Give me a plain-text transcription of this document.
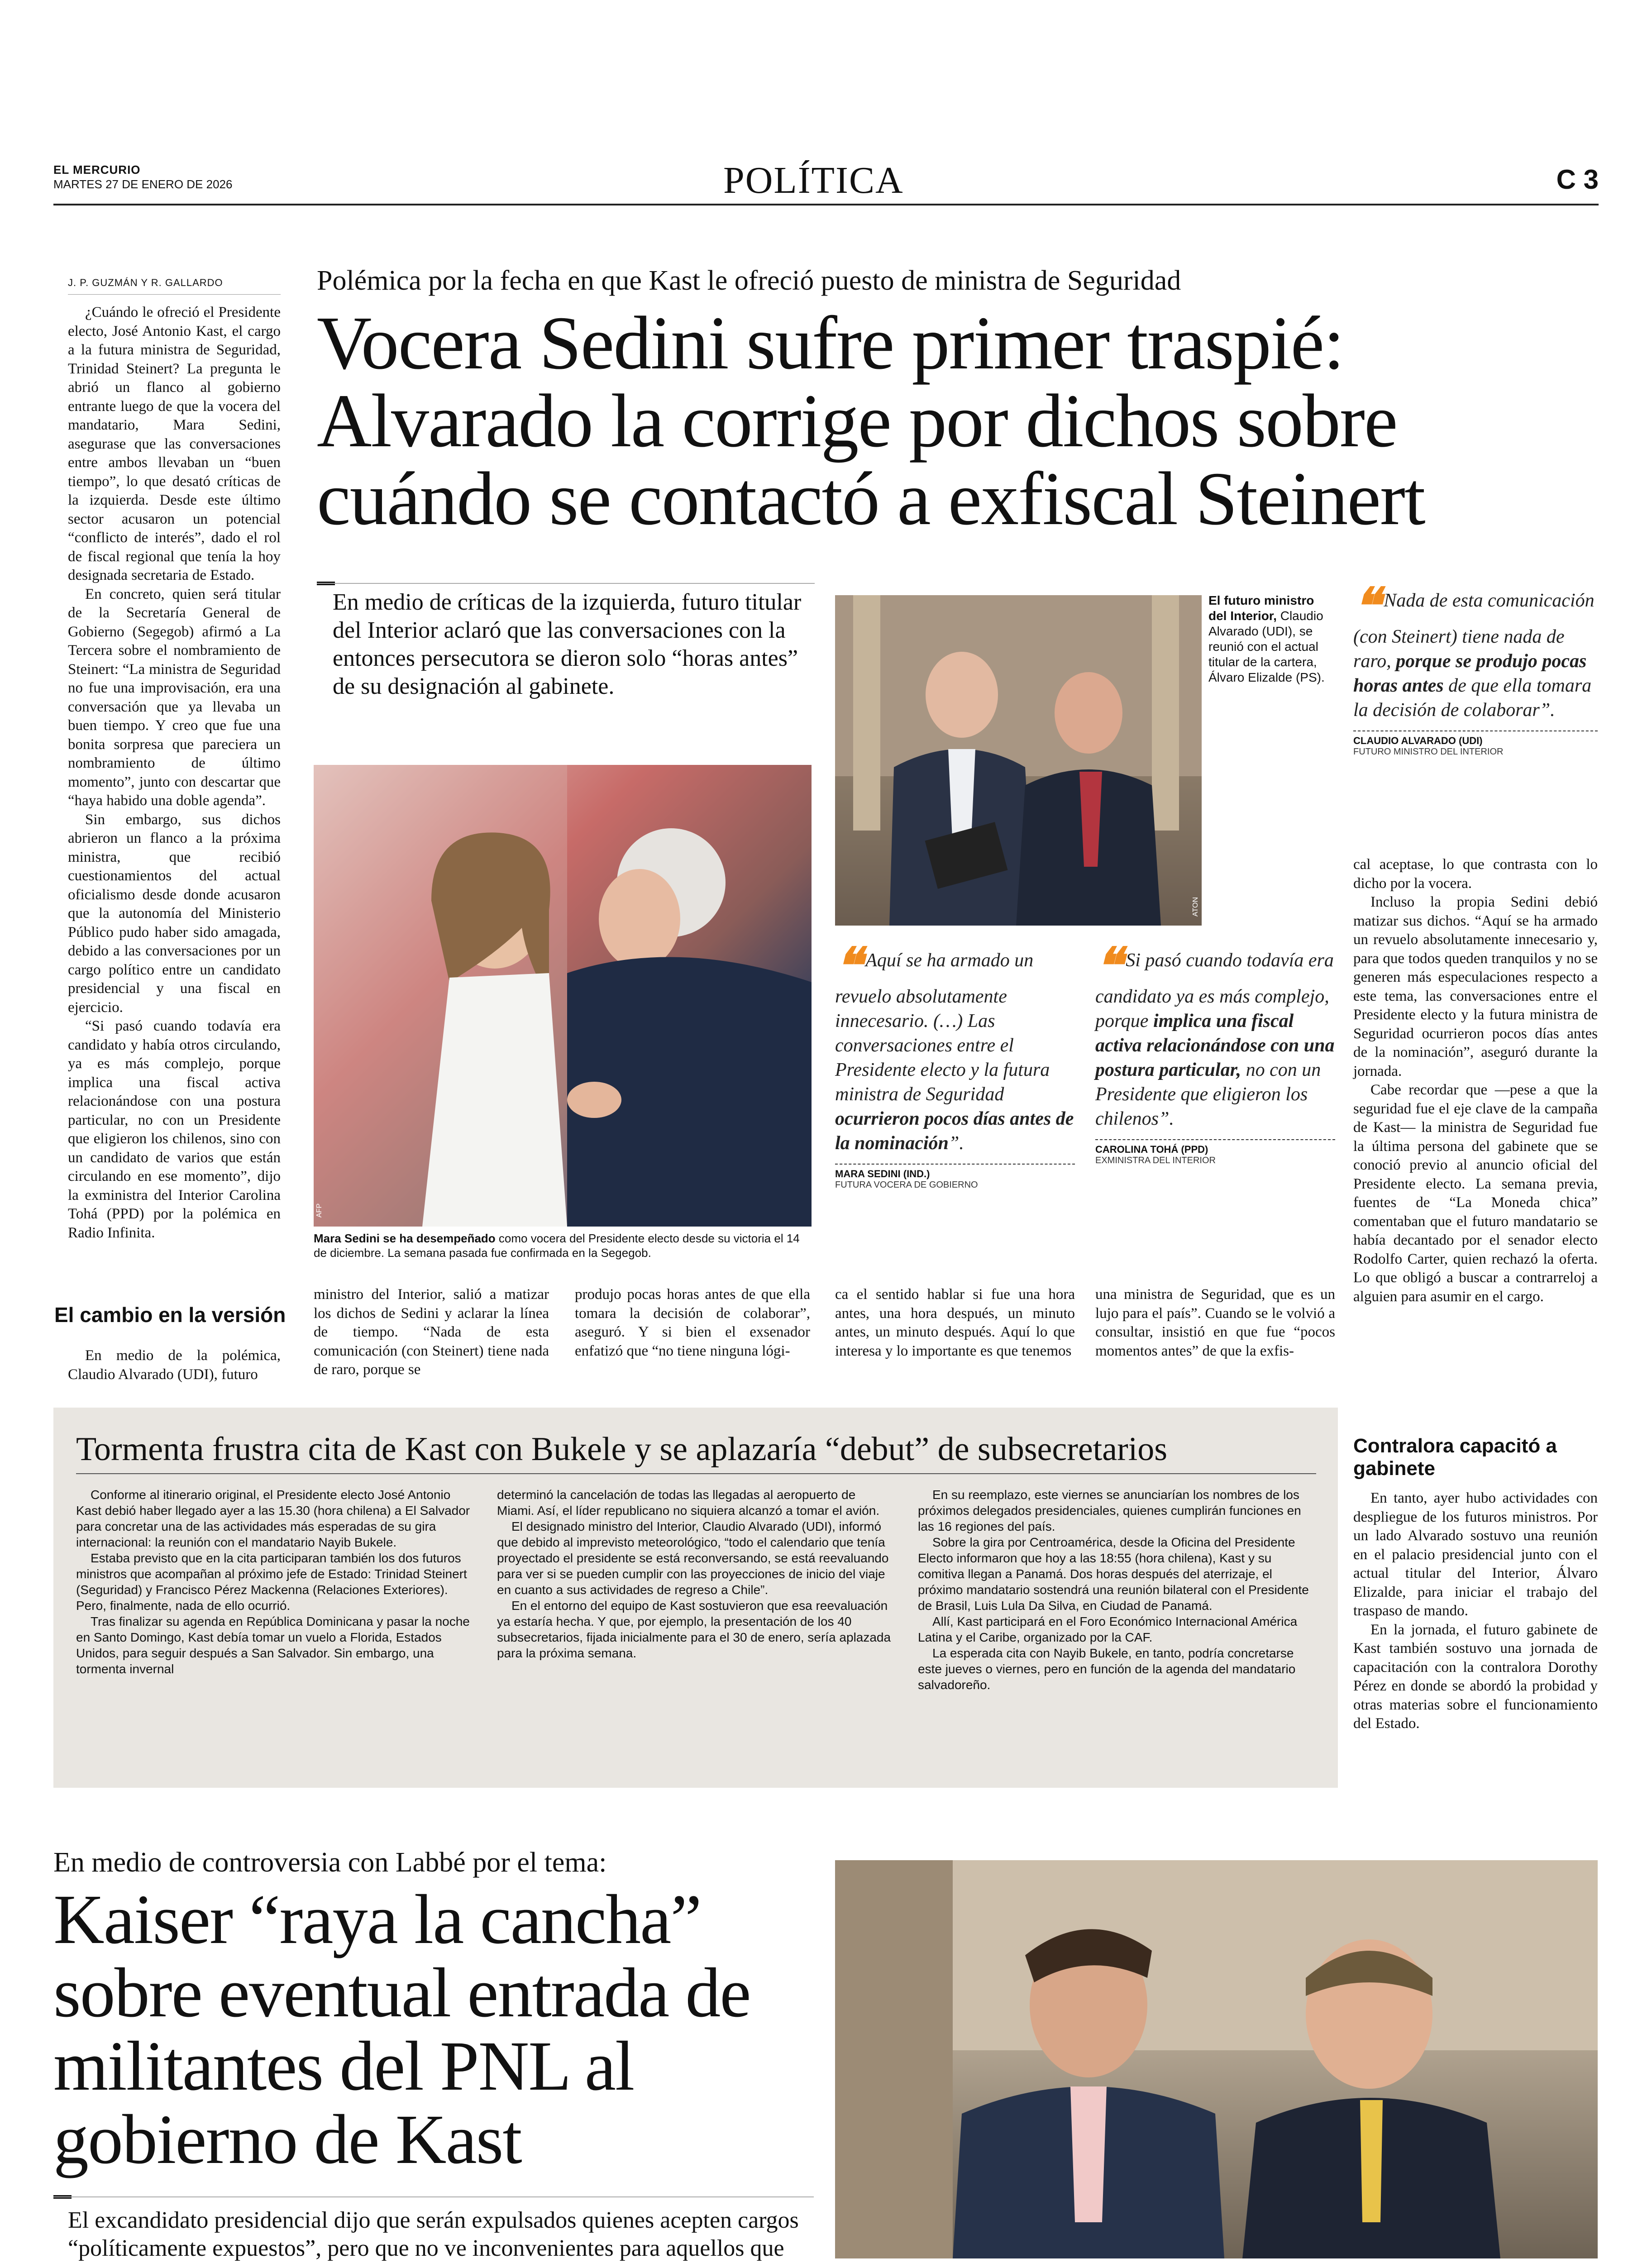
EL MERCURIO
MARTES 27 DE ENERO DE 2026	POLÍTICA	C 3
J. P. GUZMÁN Y R. GALLARDO

¿Cuándo le ofreció el Presidente electo, José Antonio Kast, el cargo a la futura ministra de Seguridad, Trinidad Steinert? La pregunta le abrió un flanco al gobierno entrante luego de que la vocera del mandatario, Mara Sedini, asegurase que las conversaciones entre ambos llevaban un “buen tiempo”, lo que desató críticas de la izquierda. Desde este último sector acusaron un potencial “conflicto de interés”, dado el rol de fiscal regional que tenía la hoy designada secretaria de Estado.

En concreto, quien será titular de la Secretaría General de Gobierno (Segegob) afirmó a La Tercera sobre el nombramiento de Steinert: “La ministra de Seguridad no fue una improvisación, era una conversación que ya llevaba un buen tiempo. Y creo que fue una bonita sorpresa que pareciera un nombramiento de último momento”, junto con descartar que “haya habido una doble agenda”.

Sin embargo, sus dichos abrieron un flanco a la próxima ministra, que recibió cuestionamientos del actual oficialismo desde donde acusaron que la autonomía del Ministerio Público pudo haber sido amagada, debido a las conversaciones por un cargo político entre un candidato presidencial y una fiscal en ejercicio.

“Si pasó cuando todavía era candidato y había otros circulando, ya es más complejo, porque implica una fiscal activa relacionándose con una postura particular, no con un Presidente que eligieron los chilenos, sino con un candidato de varios que están circulando en ese momento”, dijo la exministra del Interior Carolina Tohá (PPD) por la polémica en Radio Infinita.

El cambio en la versión

En medio de la polémica, Claudio Alvarado (UDI), futuro

Polémica por la fecha en que Kast le ofreció puesto de ministra de Seguridad
Vocera Sedini sufre primer traspié: Alvarado la corrige por dichos sobre cuándo se contactó a exfiscal Steinert
En medio de críticas de la izquierda, futuro titular del Interior aclaró que las conversaciones con la entonces persecutora se dieron solo “horas antes” de su designación al gabinete.
AFP
Mara Sedini se ha desempeñado como vocera del Presidente electo desde su victoria el 14 de diciembre. La semana pasada fue confirmada en la Segegob.
ATON
El futuro ministro del Interior, Claudio Alvarado (UDI), se reunió con el actual titular de la cartera, Álvaro Elizalde (PS).
❝ Aquí se ha armado un revuelo absolutamente innecesario. (…) Las conversaciones entre el Presidente electo y la futura ministra de Seguridad ocurrieron pocos días antes de la nominación”.
MARA SEDINI (IND.)
FUTURA VOCERA DE GOBIERNO
❝ Si pasó cuando todavía era candidato ya es más complejo, porque implica una fiscal activa relacionándose con una postura particular, no con un Presidente que eligieron los chilenos”.
CAROLINA TOHÁ (PPD)
EXMINISTRA DEL INTERIOR
❝ Nada de esta comunicación (con Steinert) tiene nada de raro, porque se produjo pocas horas antes de que ella tomara la decisión de colaborar”.
CLAUDIO ALVARADO (UDI)
FUTURO MINISTRO DEL INTERIOR

ministro del Interior, salió a matizar los dichos de Sedini y aclarar la línea de tiempo. “Nada de esta comunicación (con Steinert) tiene nada de raro, porque se

produjo pocas horas antes de que ella tomara la decisión de colaborar”, aseguró. Y si bien el exsenador enfatizó que “no tiene ninguna lógi-

ca el sentido hablar si fue una hora antes, una hora después, un minuto antes, un minuto después. Aquí lo que interesa y lo importante es que tenemos

una ministra de Seguridad, que es un lujo para el país”. Cuando se le volvió a consultar, insistió en que fue “pocos momentos antes” de que la exfis-

cal aceptase, lo que contrasta con lo dicho por la vocera.

Incluso la propia Sedini debió matizar sus dichos. “Aquí se ha armado un revuelo absolutamente innecesario y, para que todos queden tranquilos y no se generen más especulaciones respecto a este tema, las conversaciones entre el Presidente electo y la futura ministra de Seguridad ocurrieron pocos días antes de la nominación”, aseguró durante la jornada.

Cabe recordar que —pese a que la seguridad fue el eje clave de la campaña de Kast— la ministra de Seguridad fue la última persona del gabinete que se conoció previo al anuncio oficial del Presidente electo. La semana previa, fuentes de “La Moneda chica” comentaban que el futuro mandatario se había decantado por el senador electo Rodolfo Carter, quien rechazó la oferta. Lo que obligó a buscar a contrarreloj a alguien para asumir en el cargo.

Contralora capacitó a gabinete

En tanto, ayer hubo actividades con despliegue de los futuros ministros. Por un lado Alvarado sostuvo una reunión en el palacio presidencial junto con el actual titular del Interior, Álvaro Elizalde, para iniciar el trabajo del traspaso de mando.

En la jornada, el futuro gabinete de Kast también sostuvo una jornada de capacitación con la contralora Dorothy Pérez en donde se abordó la probidad y otras materias sobre el funcionamiento del Estado.

Tormenta frustra cita de Kast con Bukele y se aplazaría “debut” de subsecretarios

Conforme al itinerario original, el Presidente electo José Antonio Kast debió haber llegado ayer a las 15.30 (hora chilena) a El Salvador para concretar una de las actividades más esperadas de su gira internacional: la reunión con el mandatario Nayib Bukele.

Estaba previsto que en la cita participaran también los dos futuros ministros que acompañan al próximo jefe de Estado: Trinidad Steinert (Seguridad) y Francisco Pérez Mackenna (Relaciones Exteriores). Pero, finalmente, nada de ello ocurrió.

Tras finalizar su agenda en República Dominicana y pasar la noche en Santo Domingo, Kast debía tomar un vuelo a Florida, Estados Unidos, para seguir después a San Salvador. Sin embargo, una tormenta invernal

determinó la cancelación de todas las llegadas al aeropuerto de Miami. Así, el líder republicano no siquiera alcanzó a tomar el avión.

El designado ministro del Interior, Claudio Alvarado (UDI), informó que debido al imprevisto meteorológico, “todo el calendario que tenía proyectado el presidente se está reconversando, se está reevaluando para ver si se pueden cumplir con las proyecciones de inicio del viaje en cuanto a sus actividades de regreso a Chile”.

En el entorno del equipo de Kast sostuvieron que esa reevaluación ya estaría hecha. Y que, por ejemplo, la presentación de los 40 subsecretarios, fijada inicialmente para el 30 de enero, sería aplazada para la próxima semana.

En su reemplazo, este viernes se anunciarían los nombres de los próximos delegados presidenciales, quienes cumplirán funciones en las 16 regiones del país.

Sobre la gira por Centroamérica, desde la Oficina del Presidente Electo informaron que hoy a las 18:55 (hora chilena), Kast y su comitiva llegan a Panamá. Dos horas después del aterrizaje, el próximo mandatario sostendrá una reunión bilateral con el Presidente de Brasil, Luis Lula Da Silva, en Ciudad de Panamá.

Allí, Kast participará en el Foro Económico Internacional América Latina y el Caribe, organizado por la CAF.

La esperada cita con Nayib Bukele, en tanto, podría concretarse este jueves o viernes, pero en función de la agenda del mandatario salvadoreño.

En medio de controversia con Labbé por el tema:
Kaiser “raya la cancha” sobre eventual entrada de militantes del PNL al gobierno de Kast
El excandidato presidencial dijo que serán expulsados quienes acepten cargos “políticamente expuestos”, pero que no ve inconvenientes para aquellos que
